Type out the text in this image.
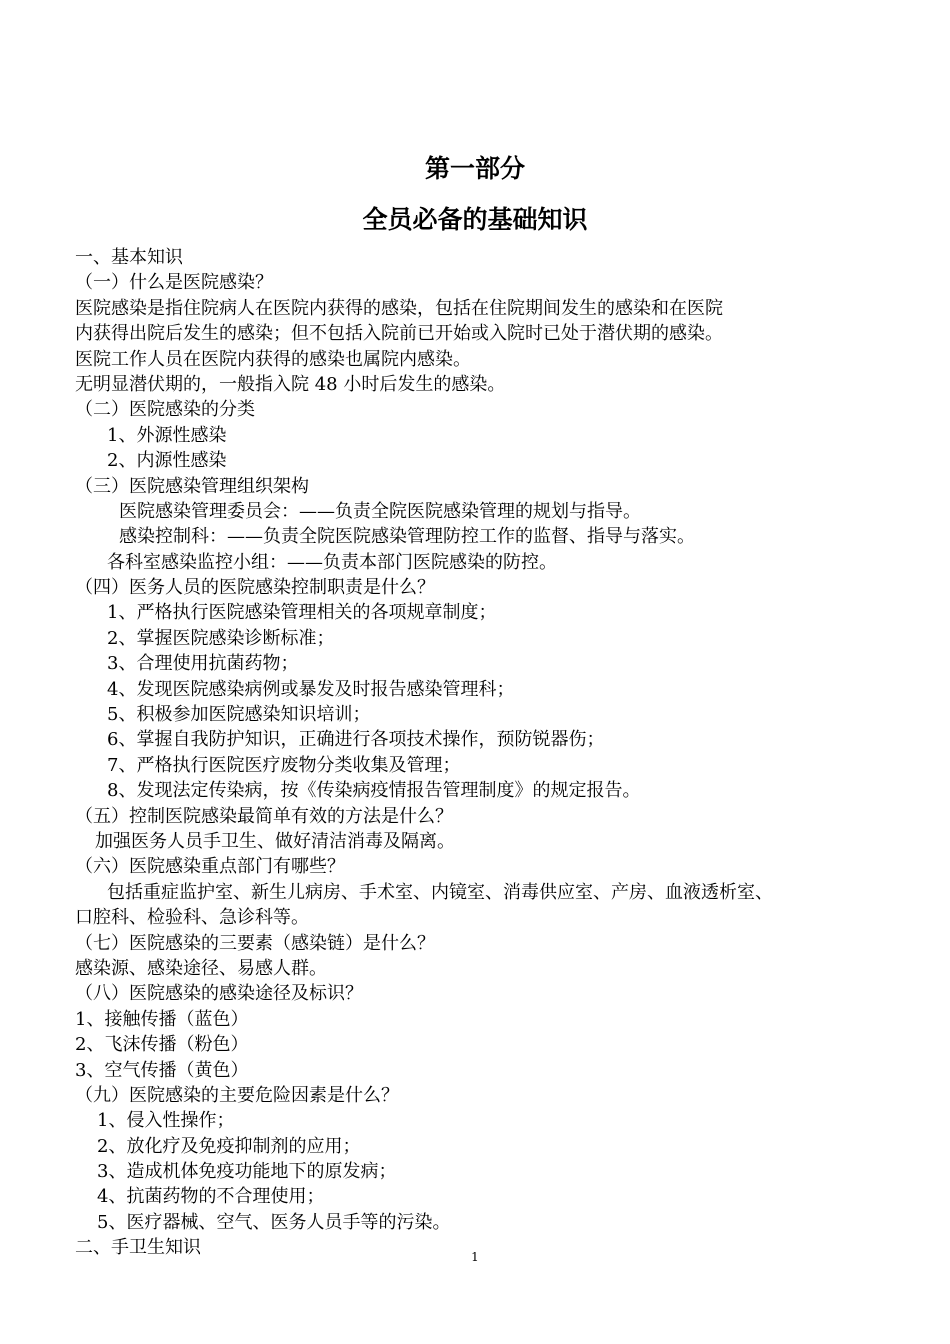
第一部分
全员必备的基础知识
一、基本知识
（一）什么是医院感染？
医院感染是指住院病人在医院内获得的感染，包括在住院期间发生的感染和在医院
内获得出院后发生的感染；但不包括入院前已开始或入院时已处于潜伏期的感染。
医院工作人员在医院内获得的感染也属院内感染。
无明显潜伏期的，一般指入院 48 小时后发生的感染。
（二）医院感染的分类
1、外源性感染
2、内源性感染
（三）医院感染管理组织架构
医院感染管理委员会：——负责全院医院感染管理的规划与指导。
感染控制科：——负责全院医院感染管理防控工作的监督、指导与落实。
各科室感染监控小组：——负责本部门医院感染的防控。
（四）医务人员的医院感染控制职责是什么？
1、严格执行医院感染管理相关的各项规章制度；
2、掌握医院感染诊断标准；
3、合理使用抗菌药物；
4、发现医院感染病例或暴发及时报告感染管理科；
5、积极参加医院感染知识培训；
6、掌握自我防护知识，正确进行各项技术操作，预防锐器伤；
7、严格执行医院医疗废物分类收集及管理；
8、发现法定传染病，按《传染病疫情报告管理制度》的规定报告。
（五）控制医院感染最简单有效的方法是什么？
加强医务人员手卫生、做好清洁消毒及隔离。
（六）医院感染重点部门有哪些？
包括重症监护室、新生儿病房、手术室、内镜室、消毒供应室、产房、血液透析室、
口腔科、检验科、急诊科等。
（七）医院感染的三要素（感染链）是什么？
感染源、感染途径、易感人群。
（八）医院感染的感染途径及标识？
1、接触传播（蓝色）
2、飞沫传播（粉色）
3、空气传播（黄色）
（九）医院感染的主要危险因素是什么？
1、侵入性操作；
2、放化疗及免疫抑制剂的应用；
3、造成机体免疫功能地下的原发病；
4、抗菌药物的不合理使用；
5、医疗器械、空气、医务人员手等的污染。
二、手卫生知识	1
